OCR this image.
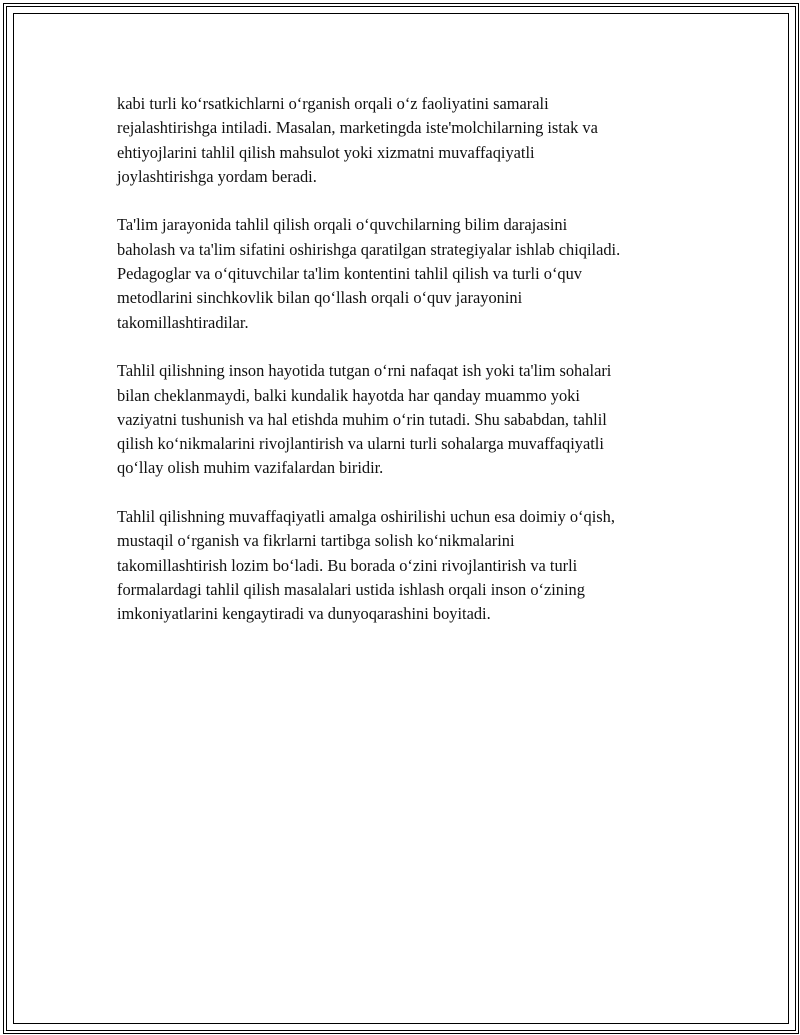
kabi turli koʻrsatkichlarni oʻrganish orqali oʻz faoliyatini samarali
rejalashtirishga intiladi. Masalan, marketingda iste'molchilarning istak va
ehtiyojlarini tahlil qilish mahsulot yoki xizmatni muvaffaqiyatli
joylashtirishga yordam beradi.

Ta'lim jarayonida tahlil qilish orqali oʻquvchilarning bilim darajasini
baholash va ta'lim sifatini oshirishga qaratilgan strategiyalar ishlab chiqiladi.
Pedagoglar va oʻqituvchilar ta'lim kontentini tahlil qilish va turli oʻquv
metodlarini sinchkovlik bilan qoʻllash orqali oʻquv jarayonini
takomillashtiradilar.

Tahlil qilishning inson hayotida tutgan oʻrni nafaqat ish yoki ta'lim sohalari
bilan cheklanmaydi, balki kundalik hayotda har qanday muammo yoki
vaziyatni tushunish va hal etishda muhim oʻrin tutadi. Shu sababdan, tahlil
qilish koʻnikmalarini rivojlantirish va ularni turli sohalarga muvaffaqiyatli
qoʻllay olish muhim vazifalardan biridir.

Tahlil qilishning muvaffaqiyatli amalga oshirilishi uchun esa doimiy oʻqish,
mustaqil oʻrganish va fikrlarni tartibga solish koʻnikmalarini
takomillashtirish lozim boʻladi. Bu borada oʻzini rivojlantirish va turli
formalardagi tahlil qilish masalalari ustida ishlash orqali inson oʻzining
imkoniyatlarini kengaytiradi va dunyoqarashini boyitadi.
